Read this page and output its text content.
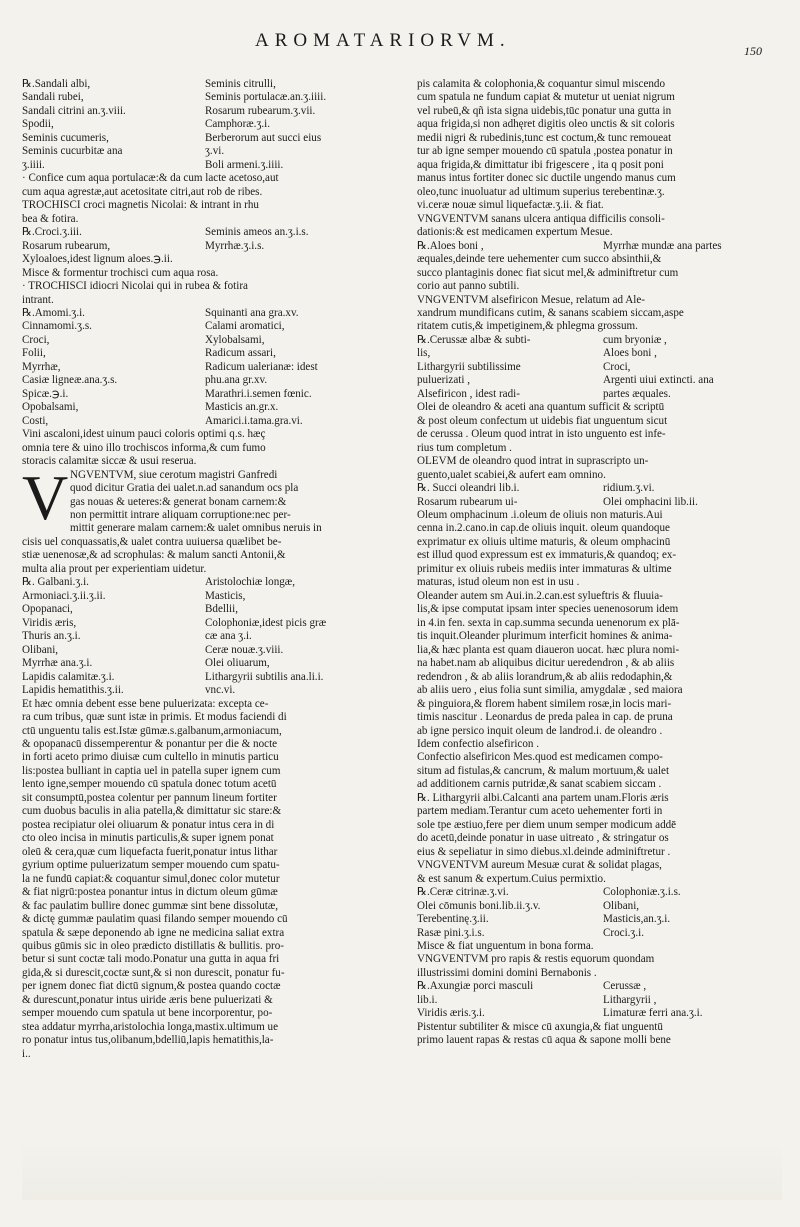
AROMATARIORVM.	150
℞.Sandali albi,	Seminis citrulli,
Sandali rubei,	Seminis portulacæ.an.ʒ.iiii.
Sandali citrini an.ʒ.viii.	Rosarum rubearum.ʒ.vii.
Spodii,	Camphoræ.ʒ.i.
Seminis cucumeris,	Berberorum aut succi eius
Seminis cucurbitæ ana	ʒ.vi.
ʒ.iiii.	Boli armeni.ʒ.iiii.
· Confice cum aqua portulacæ:& da cum lacte acetoso,aut
cum aqua agrestæ,aut acetositate citri,aut rob de ribes.
TROCHISCI croci magnetis Nicolai: & intrant in rhu
bea & fotira.
℞.Croci.ʒ.iii.	Seminis ameos an.ʒ.i.s.
Rosarum rubearum,	Myrrhæ.ʒ.i.s.
Xyloaloes,idest lignum aloes.℈.ii.
Misce & formentur trochisci cum aqua rosa.
· TROCHISCI idiocri Nicolai qui in rubea & fotira
intrant.
℞.Amomi.ʒ.i.	Squinanti ana gra.xv.
Cinnamomi.ʒ.s.	Calami aromatici,
Croci,	Xylobalsami,
Folii,	Radicum assari,
Myrrhæ,	Radicum ualerianæ: idest
Casiæ ligneæ.ana.ʒ.s.	phu.ana gr.xv.
Spicæ.℈.i.	Marathri.i.semen fœnic.
Opobalsami,	Masticis an.gr.x.
Costi,	Amarici.i.tama.gra.vi.
Vini ascaloni,idest uinum pauci coloris optimi q.s. hæç
omnia tere & uino illo trochiscos informa,& cum fumo
storacis calamitæ siccæ & usui reserua.
V NGVENTVM, siue cerotum magistri Ganfredi
quod dicitur Gratia dei ualet.n.ad sanandum ocs pla
gas nouas & ueteres:& generat bonam carnem:&
non permittit intrare aliquam corruptione:nec per-
mittit generare malam carnem:& ualet omnibus neruis in
cisis uel conquassatis,& ualet contra uuiuersa quælibet be-
stiæ uenenosæ,& ad scrophulas: & malum sancti Antonii,&
multa alia prout per experientiam uidetur.
℞. Galbani.ʒ.i.	Aristolochiæ longæ,
Armoniaci.ʒ.ii.ʒ.ii.	Masticis,
Opopanaci,	Bdellii,
Viridis æris,	Colophoniæ,idest picis græ
Thuris an.ʒ.i.	cæ ana ʒ.i.
Olibani,	Ceræ nouæ.ʒ.viii.
Myrrhæ ana.ʒ.i.	Olei oliuarum,
Lapidis calamitæ.ʒ.i.	Lithargyrii subtilis ana.li.i.
Lapidis hematithis.ʒ.ii.	vnc.vi.
Et hæc omnia debent esse bene puluerizata: excepta ce-
ra cum tribus, quæ sunt istæ in primis. Et modus faciendi di
ctū unguentu talis est.Istæ gūmæ.s.galbanum,armoniacum,
& opopanacū dissemperentur & ponantur per die & nocte
in forti aceto primo diuisæ cum cultello in minutis particu
lis:postea bulliant in captia uel in patella super ignem cum
lento igne,semper mouendo cū spatula donec totum acetū
sit consumptū,postea colentur per pannum lineum fortiter
cum duobus baculis in alia patella,& dimittatur sic stare:&
postea recipiatur olei oliuarum & ponatur intus cera in di
cto oleo incisa in minutis particulis,& super ignem ponat
oleū & cera,quæ cum liquefacta fuerit,ponatur intus lithar
gyrium optime puluerizatum semper mouendo cum spatu-
la ne fundū capiat:& coquantur simul,donec color mutetur
& fiat nigrū:postea ponantur intus in dictum oleum gūmæ
& fac paulatim bullire donec gummæ sint bene dissolutæ,
& dictę gummæ paulatim quasi filando semper mouendo cū
spatula & sæpe deponendo ab igne ne medicina saliat extra
quibus gūmis sic in oleo prædicto distillatis & bullitis. pro-
betur si sunt coctæ tali modo.Ponatur una gutta in aqua fri
gida,& si durescit,coctæ sunt,& si non durescit, ponatur fu-
per ignem donec fiat dictū signum,& postea quando coctæ
& durescunt,ponatur intus uiride æris bene puluerizati &
semper mouendo cum spatula ut bene incorporentur, po-
stea addatur myrrha,aristolochia longa,mastix.ultimum ue
ro ponatur intus tus,olibanum,bdelliū,lapis hematithis,la-
i..
pis calamita & colophonia,& coquantur simul miscendo
cum spatula ne fundum capiat & mutetur ut ueniat nigrum
vel rubeū,& qñ ista signa uidebis,tūc ponatur una gutta in
aqua frigida,si non adhęret digitis oleo unctis & sit coloris
medii nigri & rubedinis,tunc est coctum,& tunc remoueat
tur ab igne semper mouendo cū spatula ,postea ponatur in
aqua frigida,& dimittatur ibi frigescere , ita q posit poni
manus intus fortiter donec sic ductile ungendo manus cum
oleo,tunc inuoluatur ad ultimum superius terebentinæ.ʒ.
vi.ceræ nouæ simul liquefactæ.ʒ.ii. & fiat.
VNGVENTVM sanans ulcera antiqua difficilis consoli-
dationis:& est medicamen expertum Mesue.
℞.Aloes boni ,	Myrrhæ mundæ ana partes
æquales,deinde tere uehementer cum succo absinthii,&
succo plantaginis donec fiat sicut mel,& adminiftretur cum
corio aut panno subtili.
VNGVENTVM alsefiricon Mesue, relatum ad Ale-
xandrum mundificans cutim, & sanans scabiem siccam,aspe
ritatem cutis,& impetiginem,& phlegma grossum.
℞.Cerussæ albæ & subti-	cum bryoniæ ,
lis,	Aloes boni ,
Lithargyrii subtilissime	Croci,
puluerizati ,	Argenti uiui extincti. ana
Alsefiricon , idest radi-	partes æquales.
Olei de oleandro & aceti ana quantum sufficit & scriptū
& post oleum confectum ut uidebis fiat unguentum sicut
de cerussa . Oleum quod intrat in isto unguento est infe-
rius tum completum .
OLEVM de oleandro quod intrat in suprascripto un-
guento,ualet scabiei,& aufert eam omnino.
℞. Succi oleandri lib.i.	ridium.ʒ.vi.
Rosarum rubearum ui-	Olei omphacini lib.ii.
Oleum omphacinum .i.oleum de oliuis non maturis.Aui
cenna in.2.cano.in cap.de oliuis inquit. oleum quandoque
exprimatur ex oliuis ultime maturis, & oleum omphacinū
est illud quod expressum est ex immaturis,& quandoq; ex-
primitur ex oliuis rubeis mediis inter immaturas & ultime
maturas, istud oleum non est in usu .
Oleander autem sm Aui.in.2.can.est sylueftris & fluuia-
lis,& ipse computat ipsam inter species uenenosorum idem
in 4.in fen. sexta in cap.summa secunda uenenorum ex plā-
tis inquit.Oleander plurimum interficit homines & anima-
lia,& hæc planta est quam diaueron uocat. hæc plura nomi-
na habet.nam ab aliquibus dicitur ueredendron , & ab aliis
redendron , & ab aliis lorandrum,& ab aliis redodaphin,&
ab aliis uero , eius folia sunt similia, amygdalæ , sed maiora
& pinguiora,& florem habent similem rosæ,in locis mari-
timis nascitur . Leonardus de preda palea in cap. de pruna
ab igne persico inquit oleum de landrod.i. de oleandro .
Idem confectio alsefiricon .
Confectio alsefiricon Mes.quod est medicamen compo-
situm ad fistulas,& cancrum, & malum mortuum,& ualet
ad additionem carnis putridæ,& sanat scabiem siccam .
℞. Lithargyrii albi.Calcanti ana partem unam.Floris æris
partem mediam.Terantur cum aceto uehementer forti in
sole tpe æstiuo,fere per diem unum semper modicum addē
do acetū,deinde ponatur in uase uitreato , & stringatur os
eius & sepeliatur in simo diebus.xl.deinde adminiftretur .
VNGVENTVM aureum Mesuæ curat & solidat plagas,
& est sanum & expertum.Cuius permixtio.
℞.Ceræ citrinæ.ʒ.vi.	Colophoniæ.ʒ.i.s.
Olei cōmunis boni.lib.ii.ʒ.v.	Olibani,
Terebentinę.ʒ.ii.	Masticis,an.ʒ.i.
Rasæ pini.ʒ.i.s.	Croci.ʒ.i.
Misce & fiat unguentum in bona forma.
VNGVENTVM pro rapis & restis equorum quondam
illustrissimi domini domini Bernabonis .
℞.Axungiæ porci masculi	Cerussæ ,
lib.i.	Lithargyrii ,
Viridis æris.ʒ.i.	Limaturæ ferri ana.ʒ.i.
Pistentur subtiliter & misce cū axungia,& fiat unguentū
primo lauent rapas & restas cū aqua & sapone molli bene
